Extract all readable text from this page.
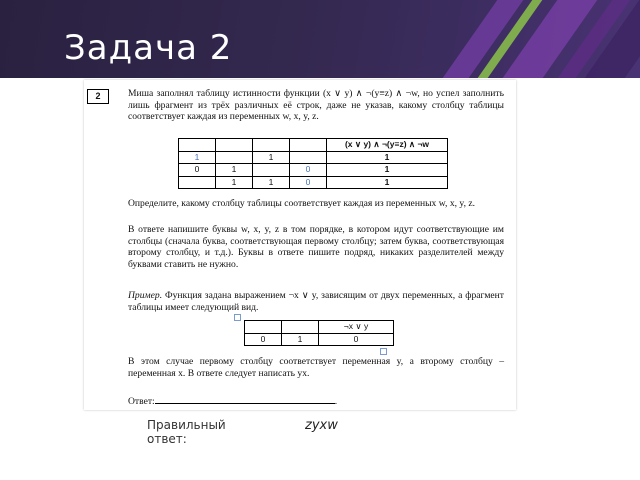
Задача 2
2	Миша заполнял таблицу истинности функции (x ∨ y) ∧ ¬(y≡z) ∧ ¬w, но успел заполнить лишь фрагмент из трёх различных её строк, даже не указав, какому столбцу таблицы соответствует каждая из переменных w, x, y, z.

				(x ∨ y) ∧ ¬(y≡z) ∧ ¬w
1		1		1
0	1		0	1
	1	1	0	1

Определите, какому столбцу таблицы соответствует каждая из переменных w, x, y, z.

В ответе напишите буквы w, x, y, z в том порядке, в котором идут соответствующие им столбцы (сначала буква, соответствующая первому столбцу; затем буква, соответствующая второму столбцу, и т.д.). Буквы в ответе пишите подряд, никаких разделителей между буквами ставить не нужно.

Пример. Функция задана выражением ¬x ∨ y, зависящим от двух переменных, а фрагмент таблицы имеет следующий вид.

		¬x ∨ y
0	1	0

В этом случае первому столбцу соответствует переменная y, а второму столбцу – переменная x. В ответе следует написать yx.

Ответ:	.

Правильный ответ:
zyxw
